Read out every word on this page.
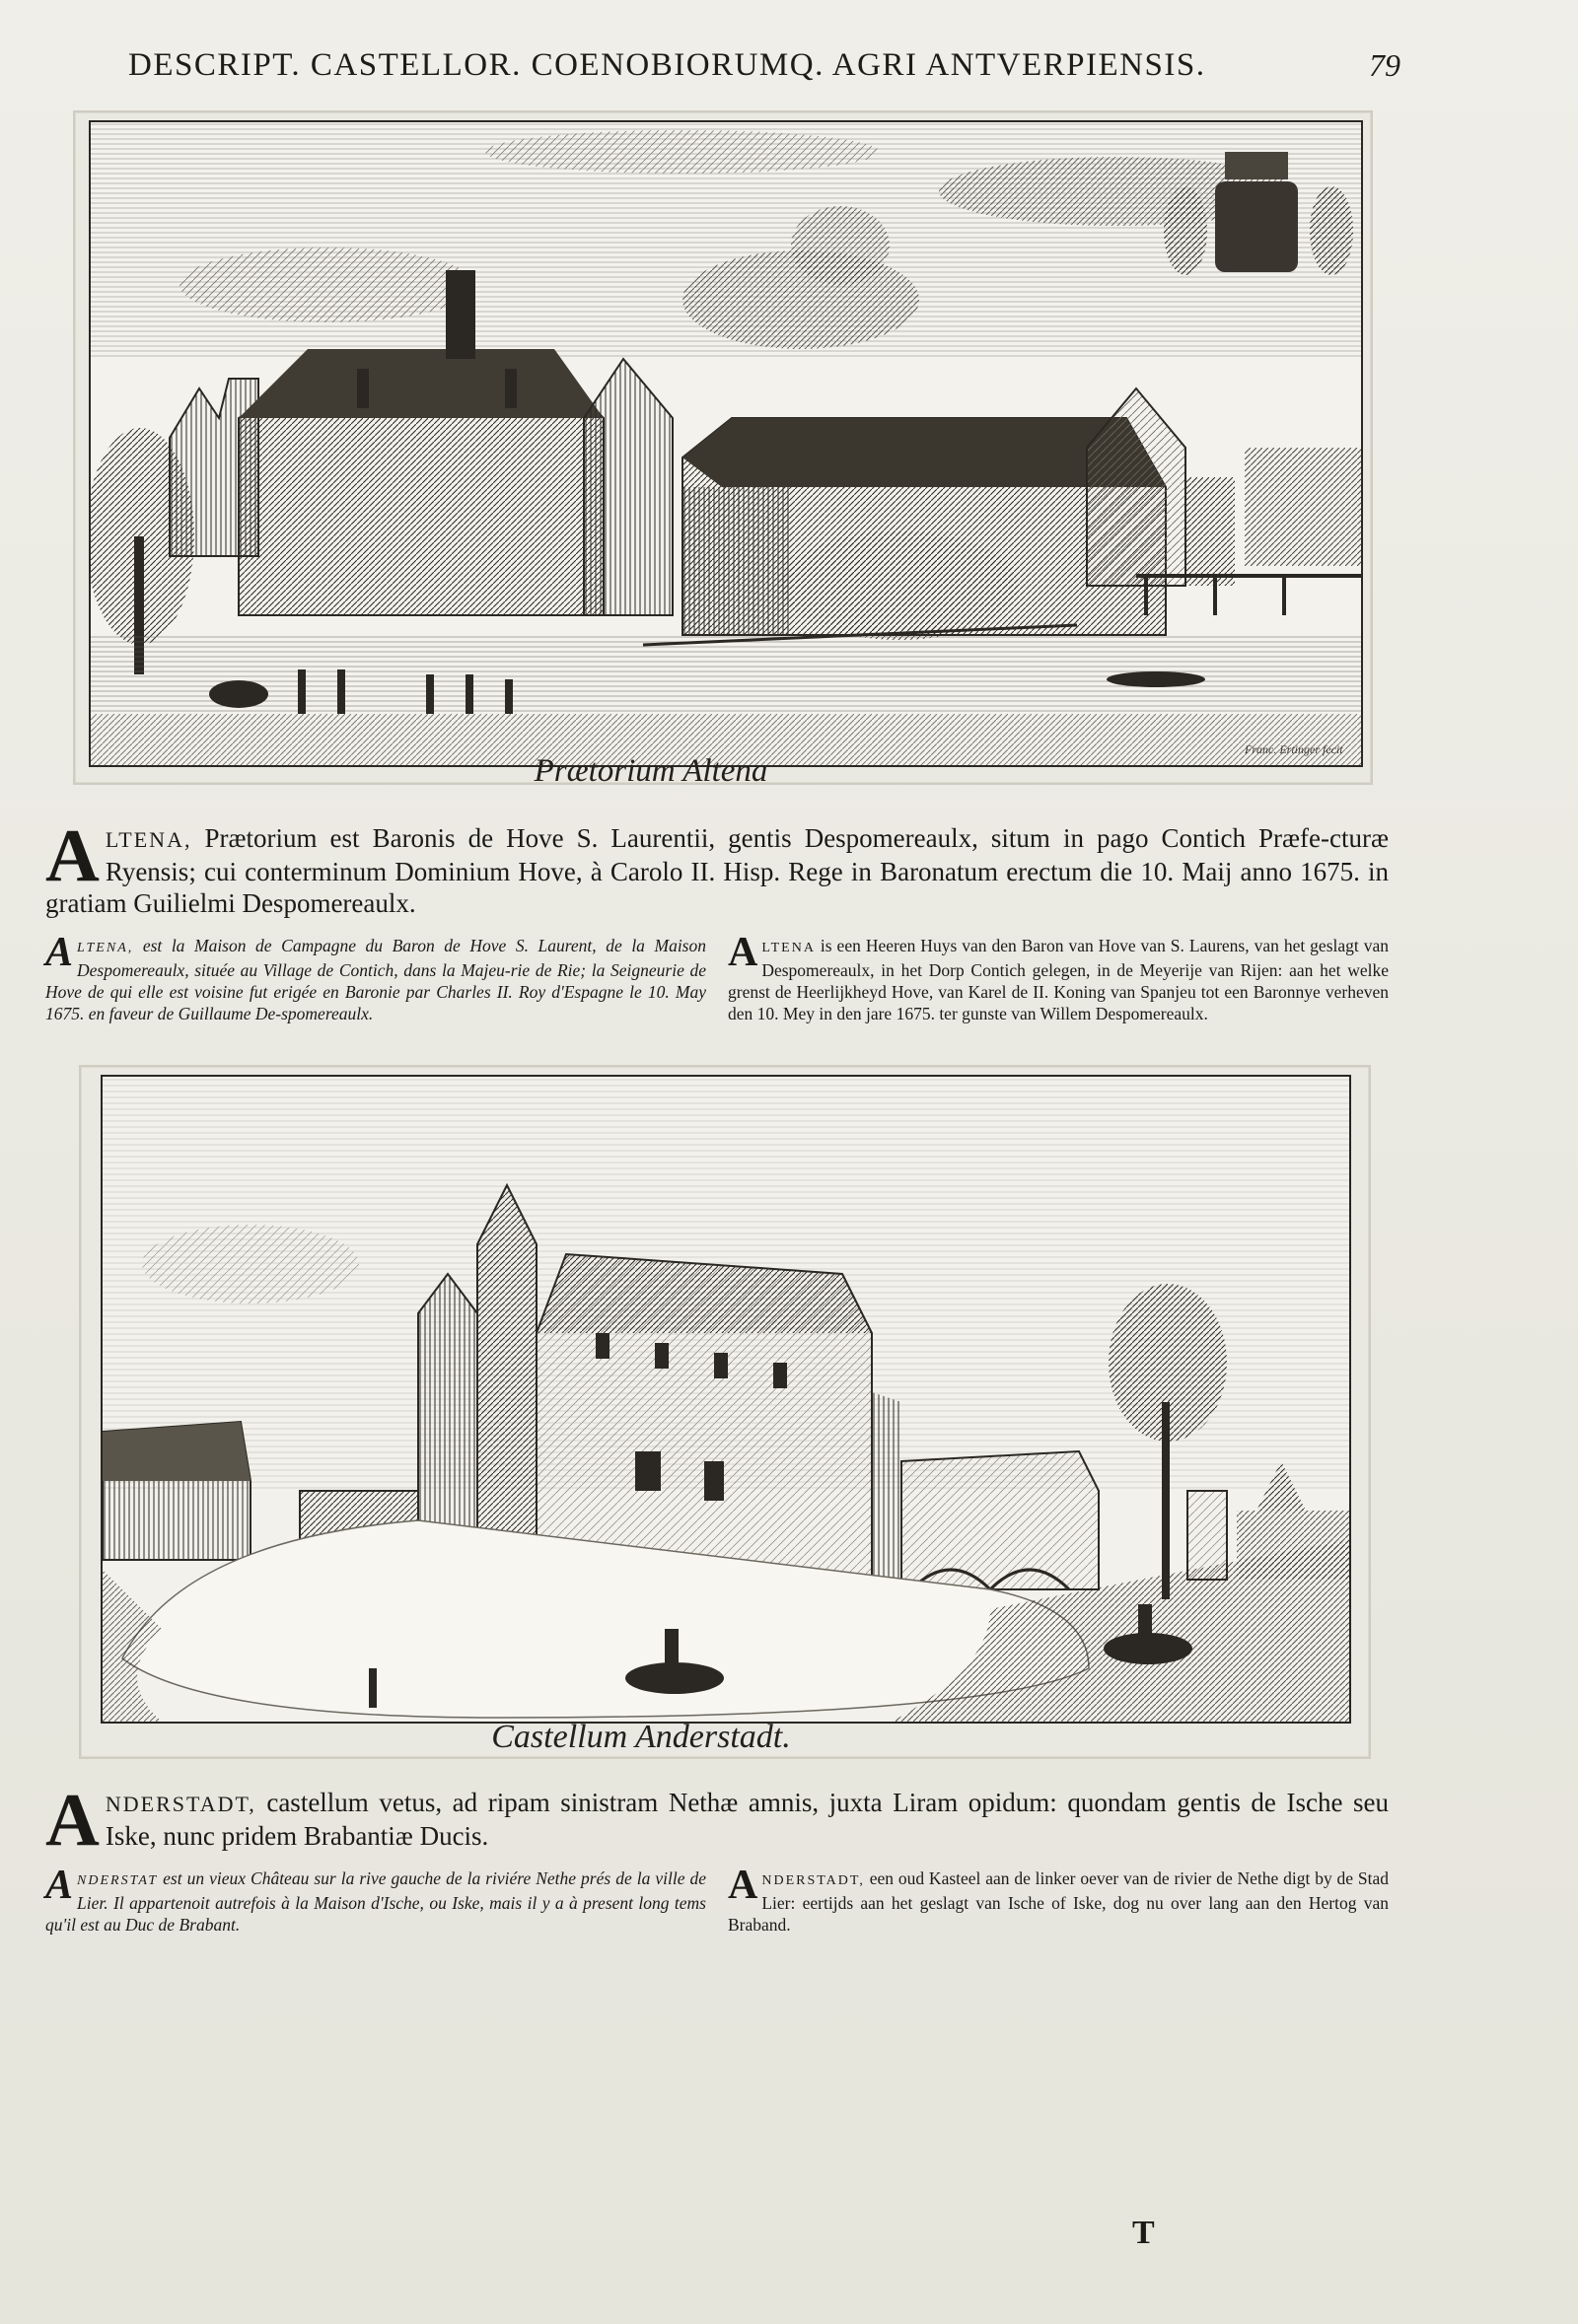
DESCRIPT. CASTELLOR. COENOBIORUMQ. AGRI ANTVERPIENSIS.	79
Franc. Ertinger fecit
Prætorium Altena
ALTENA, Prætorium est Baronis de Hove S. Laurentii, gentis Despomereaulx, situm in pago Contich Præfe-cturæ Ryensis; cui conterminum Dominium Hove, à Carolo II. Hisp. Rege in Baronatum erectum die 10. Maij anno 1675. in gratiam Guilielmi Despomereaulx.
ALTENA, est la Maison de Campagne du Baron de Hove S. Laurent, de la Maison Despomereaulx, située au Village de Contich, dans la Majeu-rie de Rie; la Seigneurie de Hove de qui elle est voisine fut erigée en Baronie par Charles II. Roy d'Espagne le 10. May 1675. en faveur de Guillaume De-spomereaulx.
ALTENA is een Heeren Huys van den Baron van Hove van S. Laurens, van het geslagt van Despomereaulx, in het Dorp Contich gelegen, in de Meyerije van Rijen: aan het welke grenst de Heerlijkheyd Hove, van Karel de II. Koning van Spanjeu tot een Baronnye verheven den 10. Mey in den jare 1675. ter gunste van Willem Despomereaulx.
Castellum Anderstadt.
ANDERSTADT, castellum vetus, ad ripam sinistram Nethæ amnis, juxta Liram opidum: quondam gentis de Ische seu Iske, nunc pridem Brabantiæ Ducis.
ANDERSTAT est un vieux Château sur la rive gauche de la riviére Nethe prés de la ville de Lier. Il appartenoit autrefois à la Maison d'Ische, ou Iske, mais il y a à present long tems qu'il est au Duc de Brabant.
ANDERSTADT, een oud Kasteel aan de linker oever van de rivier de Nethe digt by de Stad Lier: eertijds aan het geslagt van Ische of Iske, dog nu over lang aan den Hertog van Braband.
T
